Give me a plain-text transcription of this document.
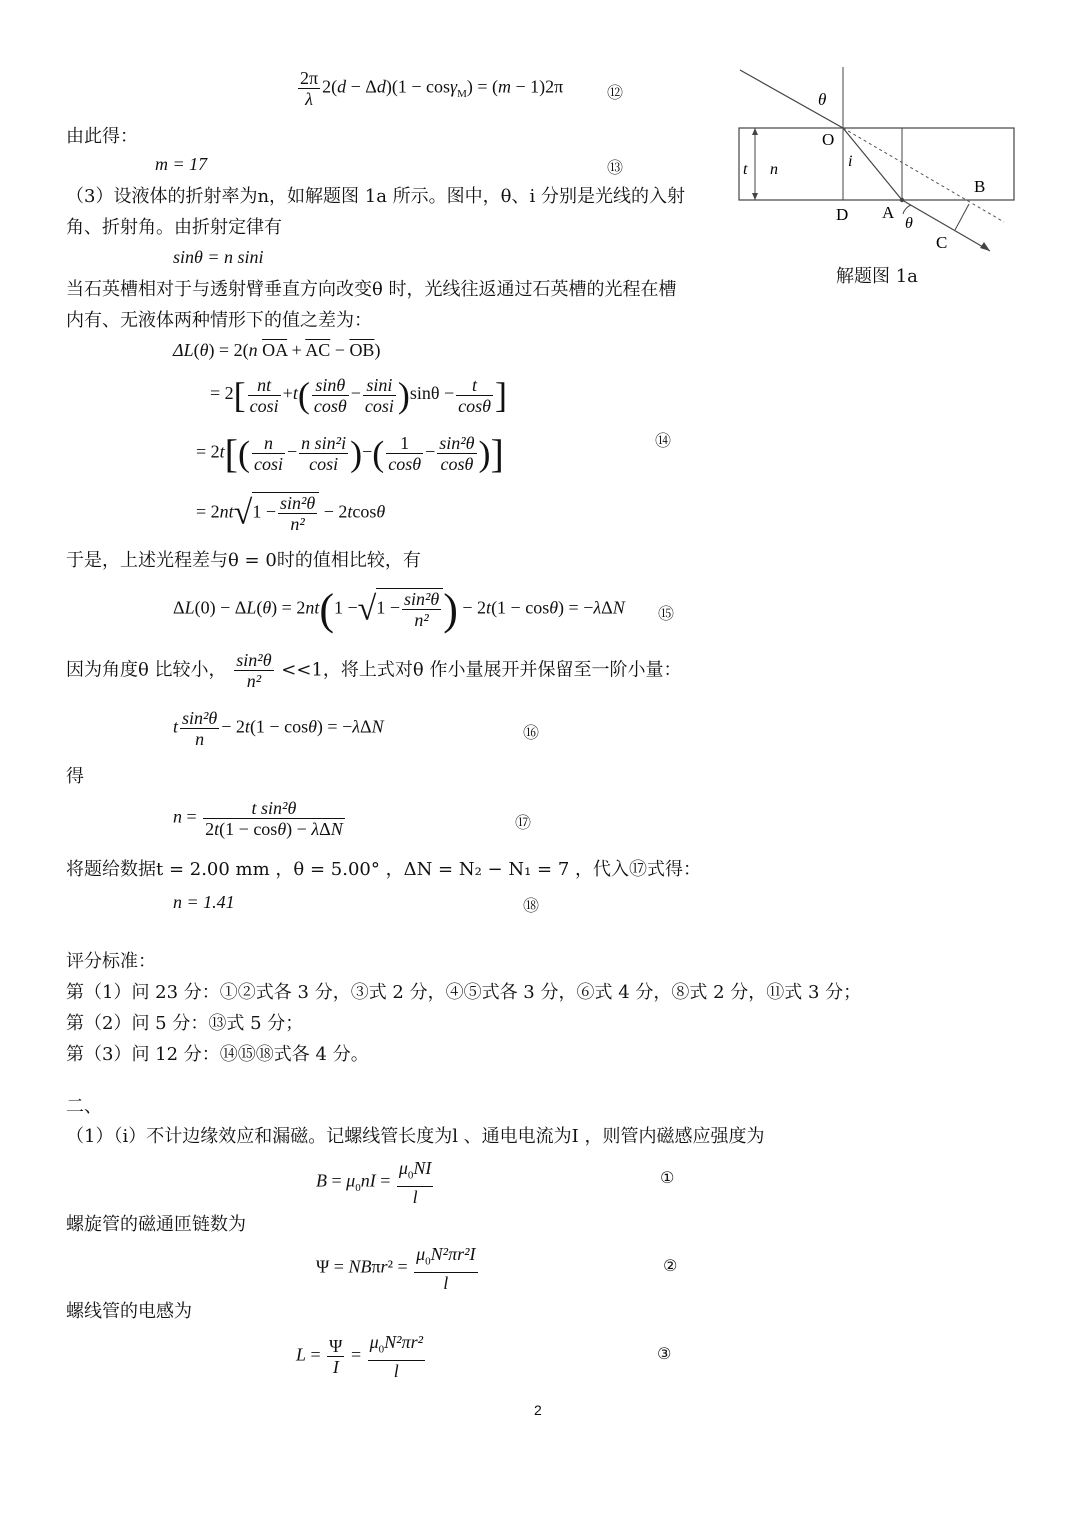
$\frac{2\pi}{\lambda} 2(d - \Delta d)(1 - \cos\gamma_M) = (m - 1)2\pi$	⑫
由此得：
m = 17	⑬
（3）设液体的折射率为n，如解题图 1a 所示。图中，θ、i 分别是光线的入射
角、折射角。由折射定律有
sinθ = n sini
当石英槽相对于与透射臂垂直方向改变θ 时，光线往返通过石英槽的光程在槽
内有、无液体两种情形下的值之差为：
ΔL(θ) = 2(n $\overline{OA} + \overline{AC} - \overline{OB}$)
= $2[ \frac{nt}{\cos i} +t( \frac{\sin\theta}{\cos\theta} - \frac{\sin i}{\cos i} )\sin\theta - \frac{t}{\cos\theta}$ ]
= $2t[( \frac{n}{\cos i} - \frac{\text{n sin²i}}{\cos i}$ )−( $\frac{1}{\cos\theta} - \frac{\text{sin²θ}}{\cos\theta}$ )]	⑭
= $2nt√1 - \frac{\text{sin²θ}}{\text{n²}} - 2tcos\theta$
于是，上述光程差与θ = 0时的值相比较，有
$\Delta L(0) - \Delta L(\theta) = 2nt(1 -√1 - \frac{\text{sin²θ}}{\text{n²}}$ ) − 2t(1 − cosθ) = −λΔN ⑮
因为角度θ 比较小， $\frac{\text{sin²θ}}{\text{n²}} <<1$，将上式对θ 作小量展开并保留至一阶小量：
t $\frac{\text{sin²θ}}{n} - 2t(1 - \cos\theta) = -\lambda\Delta N$	⑯
得
$n = \frac{\text{t sin²θ}}{\text{2t(1 − cosθ) − λΔN}}$	⑰
将题给数据t = 2.00 mm ，θ = 5.00° ，ΔN = N₂ − N₁ = 7 ，代入⑰式得：
n = 1.41	⑱
评分标准：
第（1）问 23 分：①②式各 3 分，③式 2 分，④⑤式各 3 分，⑥式 4 分，⑧式 2 分，⑪式 3 分；
第（2）问 5 分：⑬式 5 分；
第（3）问 12 分：⑭⑮⑱式各 4 分。
二、
（1）（i）不计边缘效应和漏磁。记螺线管长度为l 、通电电流为I ，则管内磁感应强度为
$B = \mu_0nI = \frac{\mu_0NI}{l}$	①
螺旋管的磁通匝链数为
$\Psi = NB\pi r^2 = \frac{\mu_0N^2\pi r^2I}{l}$	②
螺线管的电感为
$L = \frac{\Psi}{I} = \frac{\mu_0N^2\pi r^2}{l}$	③
2
θ
O
i
t n
B
D A
θ
C
解题图 1a
